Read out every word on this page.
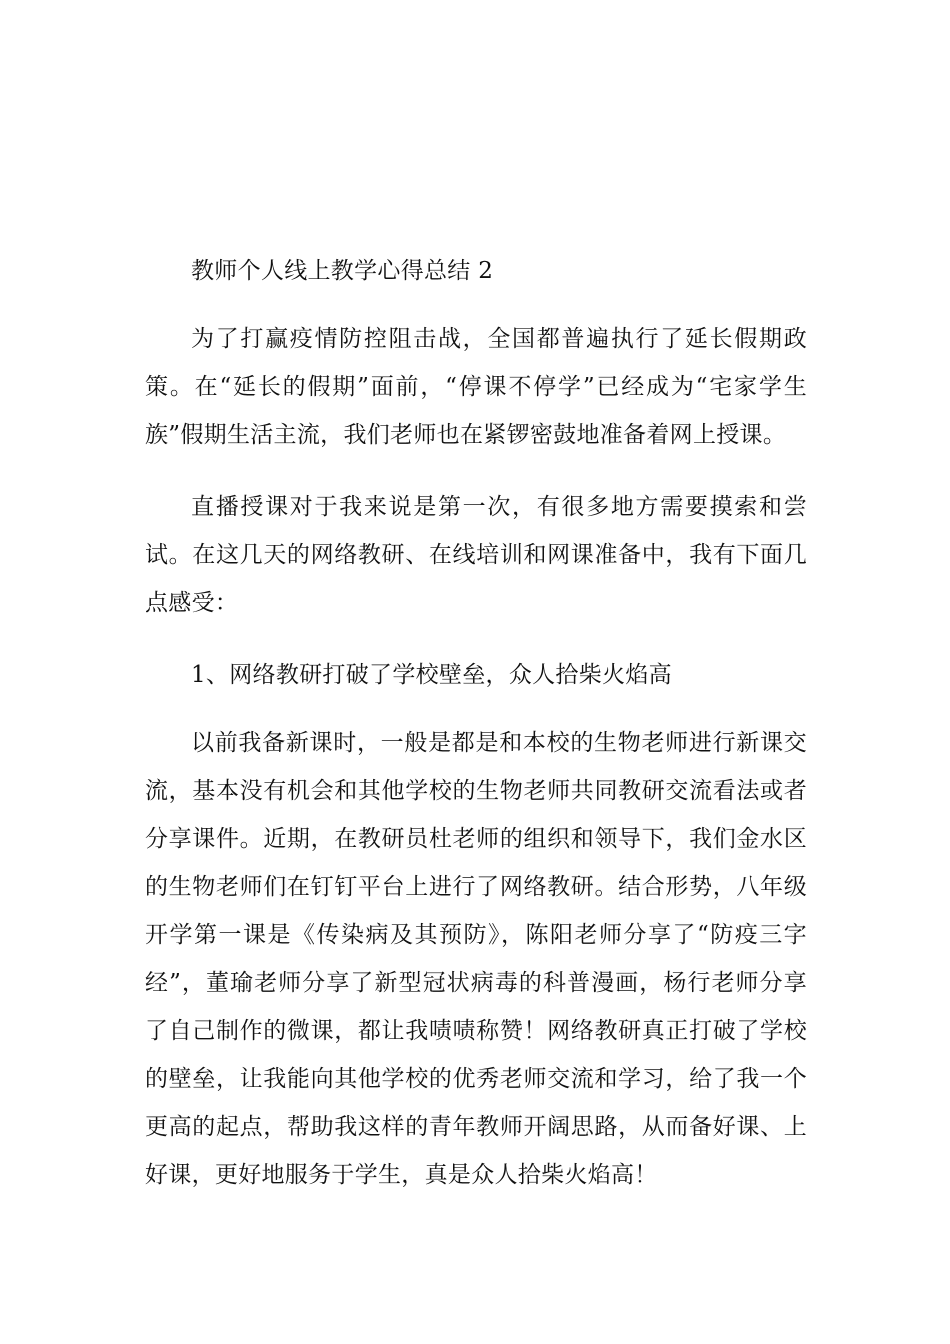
教师个人线上教学心得总结 2

为了打赢疫情防控阻击战，全国都普遍执行了延长假期政策。在“延长的假期”面前，“停课不停学”已经成为“宅家学生族”假期生活主流，我们老师也在紧锣密鼓地准备着网上授课。

直播授课对于我来说是第一次，有很多地方需要摸索和尝试。在这几天的网络教研、在线培训和网课准备中，我有下面几点感受：

1、网络教研打破了学校壁垒，众人拾柴火焰高

以前我备新课时，一般是都是和本校的生物老师进行新课交流，基本没有机会和其他学校的生物老师共同教研交流看法或者分享课件。近期，在教研员杜老师的组织和领导下，我们金水区的生物老师们在钉钉平台上进行了网络教研。结合形势，八年级开学第一课是《传染病及其预防》，陈阳老师分享了“防疫三字经”，董瑜老师分享了新型冠状病毒的科普漫画，杨行老师分享了自己制作的微课，都让我啧啧称赞！网络教研真正打破了学校的壁垒，让我能向其他学校的优秀老师交流和学习，给了我一个更高的起点，帮助我这样的青年教师开阔思路，从而备好课、上好课，更好地服务于学生，真是众人拾柴火焰高！
